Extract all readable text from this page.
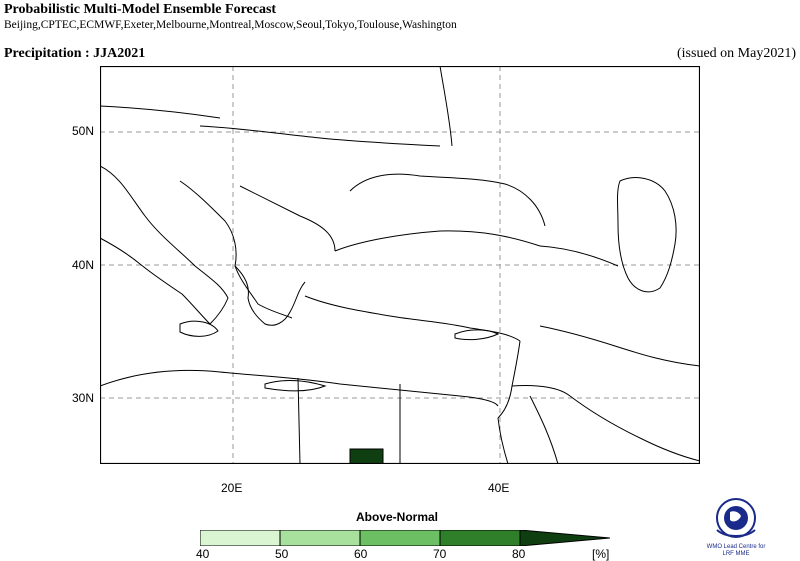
Probabilistic Multi-Model Ensemble Forecast
Beijing,CPTEC,ECMWF,Exeter,Melbourne,Montreal,Moscow,Seoul,Tokyo,Toulouse,Washington
Precipitation : JJA2021	(issued on May2021)
50N
40N
30N
20E	40E
Above-Normal
40	50	60	70	80	[%]	WMO Lead Centre for
LRF MME
